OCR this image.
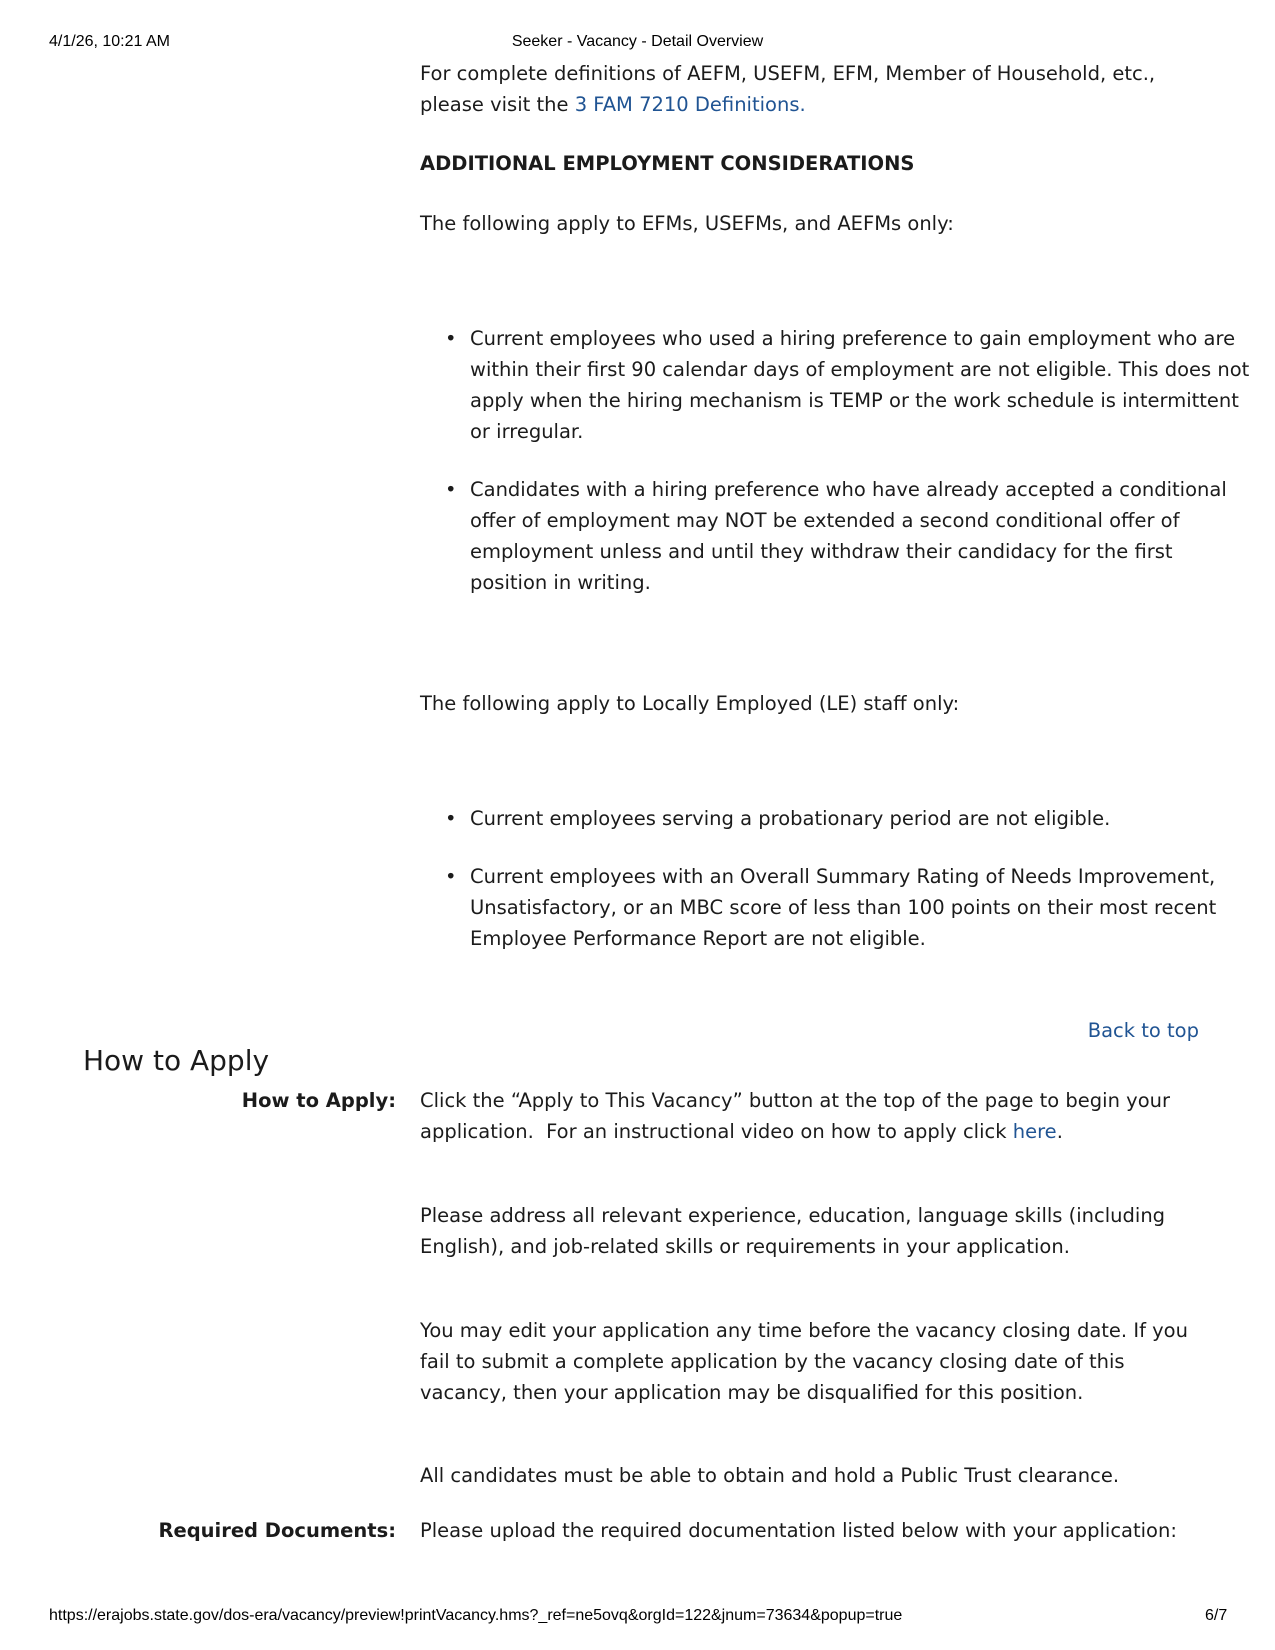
4/1/26, 10:21 AM	Seeker - Vacancy - Detail Overview

For complete definitions of AEFM, USEFM, EFM, Member of Household, etc., please visit the 3 FAM 7210 Definitions.

ADDITIONAL EMPLOYMENT CONSIDERATIONS
The following apply to EFMs, USEFMs, and AEFMs only:
• Current employees who used a hiring preference to gain employment who are within their first 90 calendar days of employment are not eligible. This does not apply when the hiring mechanism is TEMP or the work schedule is intermittent or irregular.
• Candidates with a hiring preference who have already accepted a conditional offer of employment may NOT be extended a second conditional offer of employment unless and until they withdraw their candidacy for the first position in writing.
The following apply to Locally Employed (LE) staff only:
• Current employees serving a probationary period are not eligible.
• Current employees with an Overall Summary Rating of Needs Improvement, Unsatisfactory, or an MBC score of less than 100 points on their most recent Employee Performance Report are not eligible.
Back to top
How to Apply
How to Apply: Click the “Apply to This Vacancy” button at the top of the page to begin your application.  For an instructional video on how to apply click here.

Please address all relevant experience, education, language skills (including English), and job-related skills or requirements in your application.
You may edit your application any time before the vacancy closing date. If you fail to submit a complete application by the vacancy closing date of this vacancy, then your application may be disqualified for this position.
All candidates must be able to obtain and hold a Public Trust clearance.
Required Documents: Please upload the required documentation listed below with your application:
https://erajobs.state.gov/dos-era/vacancy/preview!printVacancy.hms?_ref=ne5ovq&orgId=122&jnum=73634&popup=true	6/7
